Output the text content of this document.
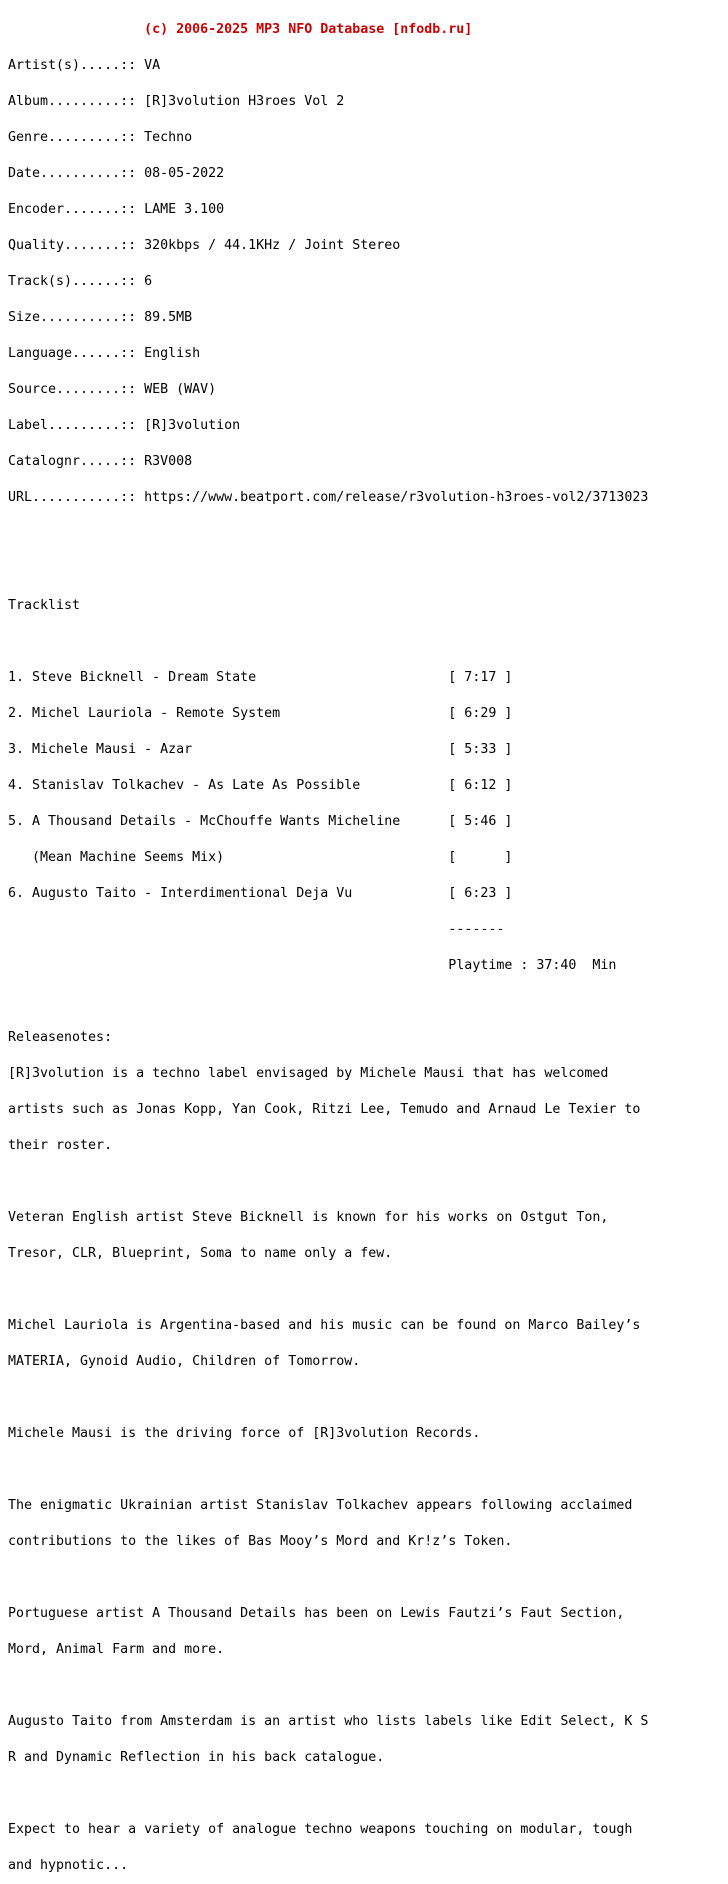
(c) 2006-2025 MP3 NFO Database [nfodb.ru]

Artist(s).....:: VA

Album.........:: [R]3volution H3roes Vol 2

Genre.........:: Techno

Date..........:: 08-05-2022

Encoder.......:: LAME 3.100

Quality.......:: 320kbps / 44.1KHz / Joint Stereo

Track(s)......:: 6

Size..........:: 89.5MB

Language......:: English

Source........:: WEB (WAV)

Label.........:: [R]3volution

Catalognr.....:: R3V008

URL...........:: https://www.beatport.com/release/r3volution-h3roes-vol2/3713023

Tracklist

1. Steve Bicknell - Dream State                        [ 7:17 ]

2. Michel Lauriola - Remote System                     [ 6:29 ]

3. Michele Mausi - Azar                                [ 5:33 ]

4. Stanislav Tolkachev - As Late As Possible           [ 6:12 ]

5. A Thousand Details - McChouffe Wants Micheline      [ 5:46 ]

(Mean Machine Seems Mix)                            [      ]

6. Augusto Taito - Interdimentional Deja Vu            [ 6:23 ]

-------

Playtime : 37:40  Min

Releasenotes:

[R]3volution is a techno label envisaged by Michele Mausi that has welcomed

artists such as Jonas Kopp, Yan Cook, Ritzi Lee, Temudo and Arnaud Le Texier to

their roster.

Veteran English artist Steve Bicknell is known for his works on Ostgut Ton,

Tresor, CLR, Blueprint, Soma to name only a few.

Michel Lauriola is Argentina-based and his music can be found on Marco Bailey’s

MATERIA, Gynoid Audio, Children of Tomorrow.

Michele Mausi is the driving force of [R]3volution Records.

The enigmatic Ukrainian artist Stanislav Tolkachev appears following acclaimed

contributions to the likes of Bas Mooy’s Mord and Kr!z’s Token.

Portuguese artist A Thousand Details has been on Lewis Fautzi’s Faut Section,

Mord, Animal Farm and more.

Augusto Taito from Amsterdam is an artist who lists labels like Edit Select, K S

R and Dynamic Reflection in his back catalogue.

Expect to hear a variety of analogue techno weapons touching on modular, tough

and hypnotic...
